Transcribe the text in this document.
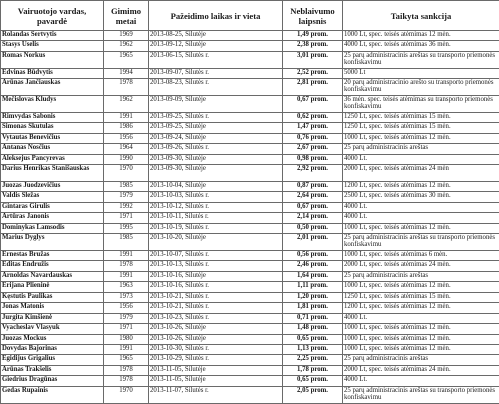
Vairuotojo vardas, pavardė	Gimimo metai	Pažeidimo laikas ir vieta	Neblaivumo laipsnis	Taikyta sankcija
Rolandas Sertvytis	1969	2013-08-25, Šilutėje	1,49 prom.	1000 Lt, spec. teisės atėmimas 12 mėn.
Stasys Ūselis	1962	2013-09-12, Šilutėje	2,38 prom.	4000 Lt, spec. teisės atėmimas 36 mėn.
Romas Norkus	1965	2013-06-15, Šilutės r.	3,01 prom.	25 parų administracinis areštas su transporto priemonės konfiskavimu
Edvinas Būdvytis	1994	2013-09-07, Šilutės r.	2,52 prom.	5000 Lt
Arūnas Jančiauskas	1978	2013-08-23, Šilutės r.	2,81 prom.	20 parų administracinio arešto su transporto priemonės konfiskavimu
Mečislovas Kludys	1962	2013-09-09, Šilutėje	0,67 prom.	36 mėn. spec. teisės atėmimas su transporto priemonės konfiskavimu
Rimvydas Sabonis	1991	2013-09-25, Šilutės r.	0,62 prom.	1250 Lt, spec. teisės atėmimas 15 mėn.
Simonas Skutulas	1986	2013-09-25, Šilutėje	1,47 prom.	1250 Lt, spec. teisės atėmimas 15 mėn.
Vytautas Benevičius	1956	2013-09-24, Šilutėje	0,76 prom.	1000 Lt, spec. teisės atėmimas 12 mėn.
Antanas Nosčius	1964	2013-09-26, Šilutės r.	2,67 prom.	25 parų administracinis areštas
Aleksejus Pancyrevas	1990	2013-09-30, Šilutėje	0,98 prom.	4000 Lt.
Darius Henrikas Stanišauskas	1970	2013-09-30, Šilutėje	2,92 prom.	2000 Lt, spec. teisės atėmimas 24 mėn
Juozas Juodzevičius	1985	2013-10-04, Šilutėje	0,87 prom.	1200 Lt, spec. teisės atėmimas 12 mėn.
Valdis Šležas	1979	2013-10-03, Šilutės r.	2,64 prom.	2500 Lt, spec. teisės atėmimas 30 mėn.
Gintaras Girulis	1992	2013-10-12, Šilutės r.	0,67 prom.	4000 Lt.
Artūras Janonis	1971	2013-10-11, Šilutės r.	2,14 prom.	4000 Lt.
Dominykas Lamsodis	1995	2013-10-19, Šilutės r.	0,50 prom.	1000 Lt, spec. teisės atėmimas 12 mėn.
Marius Dyglys	1985	2013-10-20, Šilutėje	2,01 prom.	25 parų administracinis areštas su transporto priemonės konfiskavimu
Ernestas Bružas	1991	2013-10-07, Šilutės r.	0,56 prom.	1000 Lt, spec. teisės atėmimas 6 mėn.
Editas Endružis	1978	2013-10-13, Šilutės r.	2,46 prom.	2000 Lt, spec. teisės atėmimas 24 mėn.
Arnoldas Navardauskas	1991	2013-10-16, Šilutėje	1,64 prom.	25 parų administracinis areštas
Erijana Plieninė	1963	2013-10-16, Šilutės r.	1,11 prom.	1000 Lt, spec. teisės atėmimas 12 mėn.
Kęstutis Paulikas	1973	2013-10-21, Šilutės r.	1,20 prom.	1250 Lt, spec. teisės atėmimas 15 mėn.
Jonas Matonis	1956	2013-10-21, Šilutės r.	1,81 prom.	1200 Lt, spec. teisės atėmimas 12 mėn.
Jurgita Kimšienė	1979	2013-10-23, Šilutės r.	0,71 prom.	4000 Lt.
Vyacheslav Vlasyuk	1971	2013-10-26, Šilutėje	1,48 prom.	1000 Lt, spec. teisės atėmimas 12 mėn.
Juozas Mockus	1980	2013-10-26, Šilutėje	0,65 prom.	1000 Lt, spec. teisės atėmimas 12 mėn.
Dovydas Bajorinas	1991	2013-10-30, Šilutės r.	1,13 prom.	1000 Lt, spec. teisės atėmimas 12 mėn.
Egidijus Grigalius	1965	2013-10-29, Šilutės r.	2,25 prom.	25 parų administracinis areštas
Arūnas Trakšelis	1978	2013-11-05, Šilutėje	1,78 prom.	2000 Lt, spec. teisės atėmimas 24 mėn.
Giedrius Dragūnas	1978	2013-11-05, Šilutėje	0,65 prom.	4000 Lt.
Gedas Rupainis	1970	2013-11-07, Šilutės r.	2,05 prom.	25 parų administracinis areštas su transporto priemonės konfiskavimu
